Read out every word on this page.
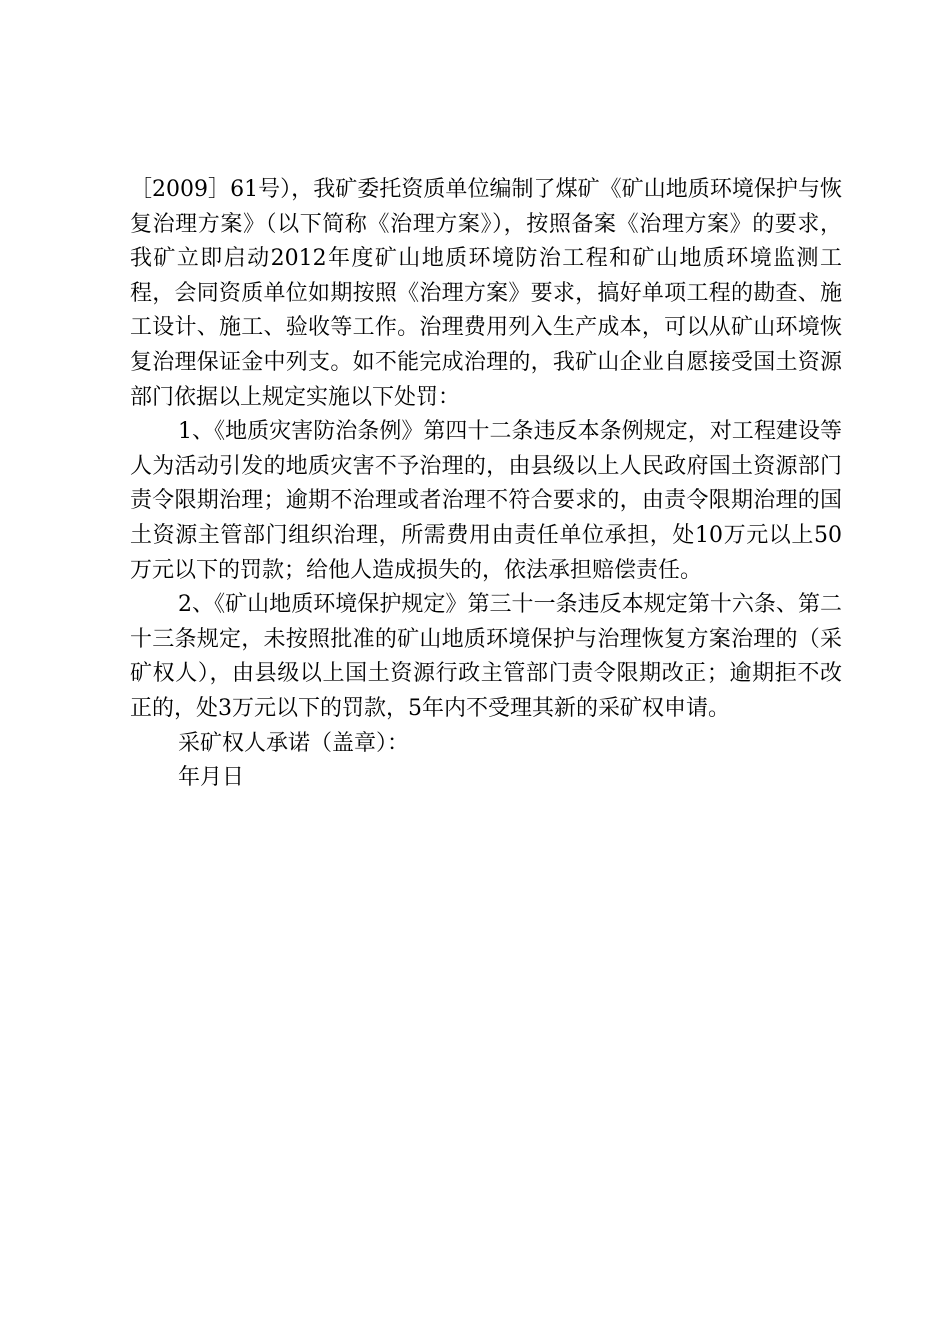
［2009］61号），我矿委托资质单位编制了煤矿《矿山地质环境保护与恢复治理方案》（以下简称《治理方案》），按照备案《治理方案》的要求，我矿立即启动2012年度矿山地质环境防治工程和矿山地质环境监测工程，会同资质单位如期按照《治理方案》要求，搞好单项工程的勘查、施工设计、施工、验收等工作。治理费用列入生产成本，可以从矿山环境恢复治理保证金中列支。如不能完成治理的，我矿山企业自愿接受国土资源部门依据以上规定实施以下处罚：

1、《地质灾害防治条例》第四十二条违反本条例规定，对工程建设等人为活动引发的地质灾害不予治理的，由县级以上人民政府国土资源部门责令限期治理；逾期不治理或者治理不符合要求的，由责令限期治理的国土资源主管部门组织治理，所需费用由责任单位承担，处10万元以上50万元以下的罚款；给他人造成损失的，依法承担赔偿责任。

2、《矿山地质环境保护规定》第三十一条违反本规定第十六条、第二十三条规定，未按照批准的矿山地质环境保护与治理恢复方案治理的（采矿权人），由县级以上国土资源行政主管部门责令限期改正；逾期拒不改正的，处3万元以下的罚款，5年内不受理其新的采矿权申请。

采矿权人承诺（盖章）：

年月日
